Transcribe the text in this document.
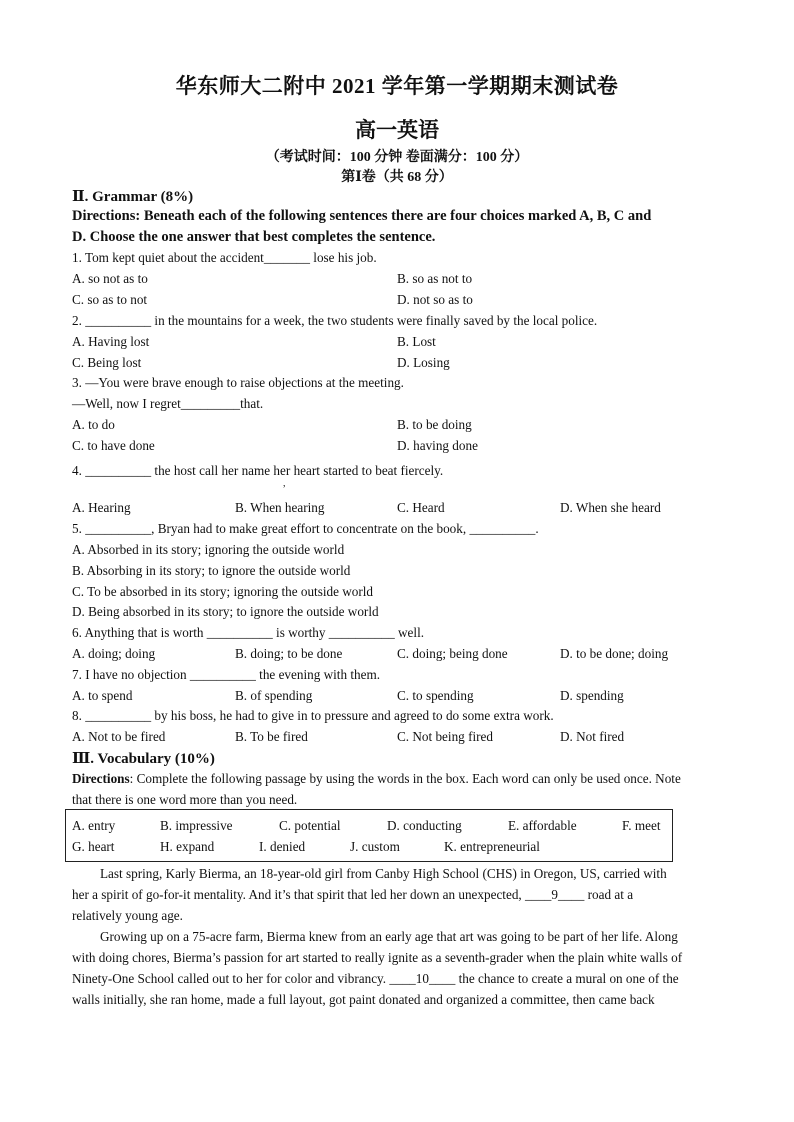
华东师大二附中 2021 学年第一学期期末测试卷
高一英语
（考试时间：100 分钟 卷面满分：100 分）
第Ⅰ卷（共 68 分）
Ⅱ. Grammar (8%)
Directions: Beneath each of the following sentences there are four choices marked A, B, C and
D. Choose the one answer that best completes the sentence.
1. Tom kept quiet about the accident_______ lose his job.
A. so not as to	B. so as not to
C. so as to not	D. not so as to
2. __________ in the mountains for a week, the two students were finally saved by the local police.
A. Having lost	B. Lost
C. Being lost	D. Losing
3. —You were brave enough to raise objections at the meeting.
—Well, now I regret_________that.
A. to do	B. to be doing
C. to have done	D. having done
4. __________ the host call her name her heart started to beat fiercely.
,
A. Hearing	B. When hearing	C. Heard	D. When she heard
5. __________, Bryan had to make great effort to concentrate on the book, __________.
A. Absorbed in its story; ignoring the outside world
B. Absorbing in its story; to ignore the outside world
C. To be absorbed in its story; ignoring the outside world
D. Being absorbed in its story; to ignore the outside world
6. Anything that is worth __________ is worthy __________ well.
A. doing; doing	B. doing; to be done	C. doing; being done	D. to be done; doing
7. I have no objection __________ the evening with them.
A. to spend	B. of spending	C. to spending	D. spending
8. __________ by his boss, he had to give in to pressure and agreed to do some extra work.
A. Not to be fired	B. To be fired	C. Not being fired	D. Not fired
Ⅲ. Vocabulary (10%)
Directions: Complete the following passage by using the words in the box. Each word can only be used once. Note
that there is one word more than you need.
A. entry	B. impressive	C. potential	D. conducting	E. affordable	F. meet
G. heart	H. expand	I. denied	J. custom	K. entrepreneurial
Last spring, Karly Bierma, an 18-year-old girl from Canby High School (CHS) in Oregon, US, carried with
her a spirit of go-for-it mentality. And it’s that spirit that led her down an unexpected, ____9____ road at a
relatively young age.
Growing up on a 75-acre farm, Bierma knew from an early age that art was going to be part of her life. Along
with doing chores, Bierma’s passion for art started to really ignite as a seventh-grader when the plain white walls of
Ninety-One School called out to her for color and vibrancy. ____10____ the chance to create a mural on one of the
walls initially, she ran home, made a full layout, got paint donated and organized a committee, then came back
